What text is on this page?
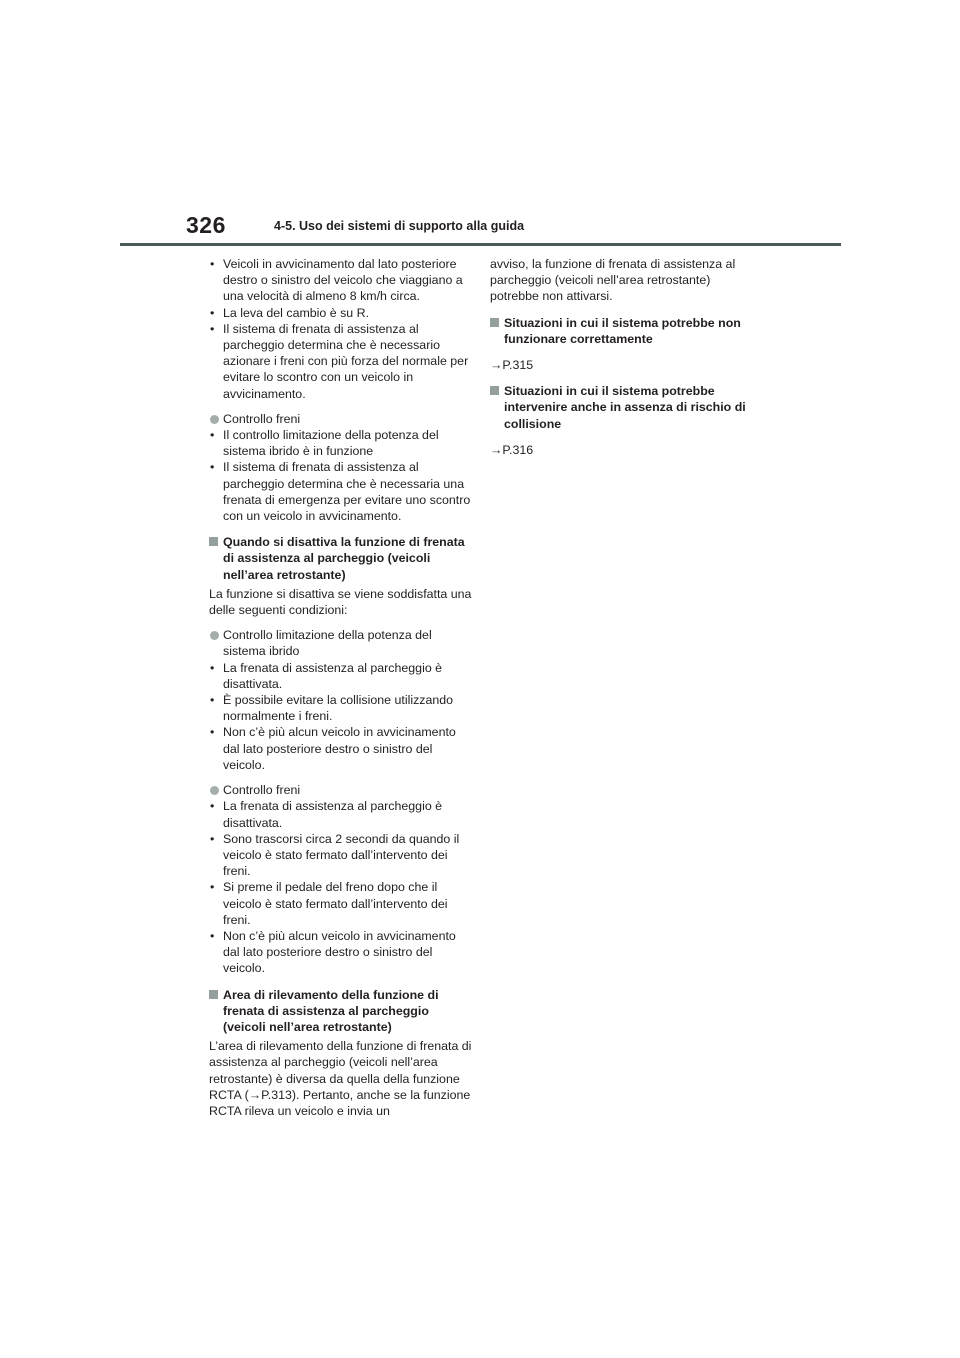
326	4-5. Uso dei sistemi di supporto alla guida
• Veicoli in avvicinamento dal lato posteriore destro o sinistro del veicolo che viaggiano a una velocità di almeno 8 km/h circa.
• La leva del cambio è su R.
• Il sistema di frenata di assistenza al parcheggio determina che è necessario azionare i freni con più forza del normale per evitare lo scontro con un veicolo in avvicinamento.
Controllo freni
• Il controllo limitazione della potenza del sistema ibrido è in funzione
• Il sistema di frenata di assistenza al parcheggio determina che è necessaria una frenata di emergenza per evitare uno scontro con un veicolo in avvicinamento.
Quando si disattiva la funzione di frenata di assistenza al parcheggio (veicoli nell’area retrostante)
La funzione si disattiva se viene soddisfatta una delle seguenti condizioni:
Controllo limitazione della potenza del sistema ibrido
• La frenata di assistenza al parcheggio è disattivata.
• È possibile evitare la collisione utilizzando normalmente i freni.
• Non c’è più alcun veicolo in avvicinamento dal lato posteriore destro o sinistro del veicolo.
Controllo freni
• La frenata di assistenza al parcheggio è disattivata.
• Sono trascorsi circa 2 secondi da quando il veicolo è stato fermato dall’intervento dei freni.
• Si preme il pedale del freno dopo che il veicolo è stato fermato dall’intervento dei freni.
• Non c’è più alcun veicolo in avvicinamento dal lato posteriore destro o sinistro del veicolo.
Area di rilevamento della funzione di frenata di assistenza al parcheggio (veicoli nell’area retrostante)
L’area di rilevamento della funzione di frenata di assistenza al parcheggio (veicoli nell’area retrostante) è diversa da quella della funzione RCTA (→P.313). Pertanto, anche se la funzione RCTA rileva un veicolo e invia un
avviso, la funzione di frenata di assistenza al parcheggio (veicoli nell’area retrostante) potrebbe non attivarsi.
Situazioni in cui il sistema potrebbe non funzionare correttamente
→P.315
Situazioni in cui il sistema potrebbe intervenire anche in assenza di rischio di collisione
→P.316
